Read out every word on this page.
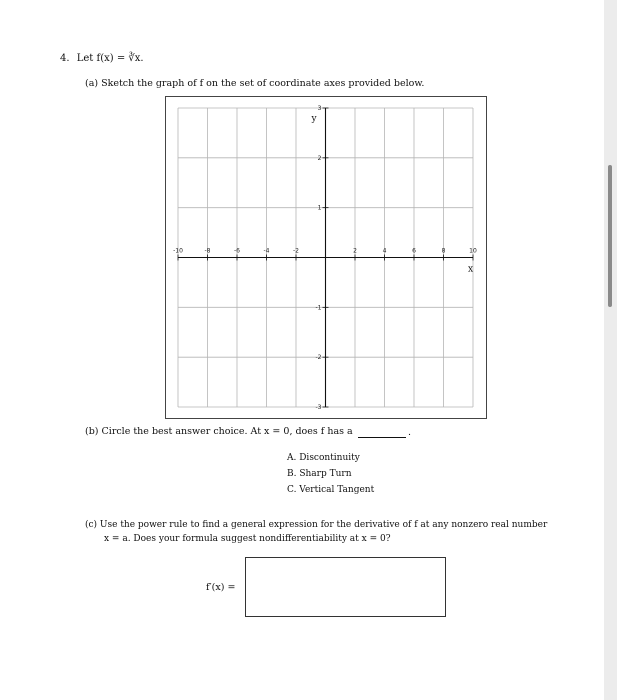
4. Let f(x) = ∛x.
(a) Sketch the graph of f on the set of coordinate axes provided below.
-10	-8	-6	-4	-2	2	4	6	8	10
3
2
1
-1
-2
-3
y
x
(b) Circle the best answer choice. At x = 0, does f has a	.
A. Discontinuity
B. Sharp Turn
C. Vertical Tangent
(c) Use the power rule to find a general expression for the derivative of f at any nonzero real number
x = a. Does your formula suggest nondifferentiability at x = 0?
f′(x) =
